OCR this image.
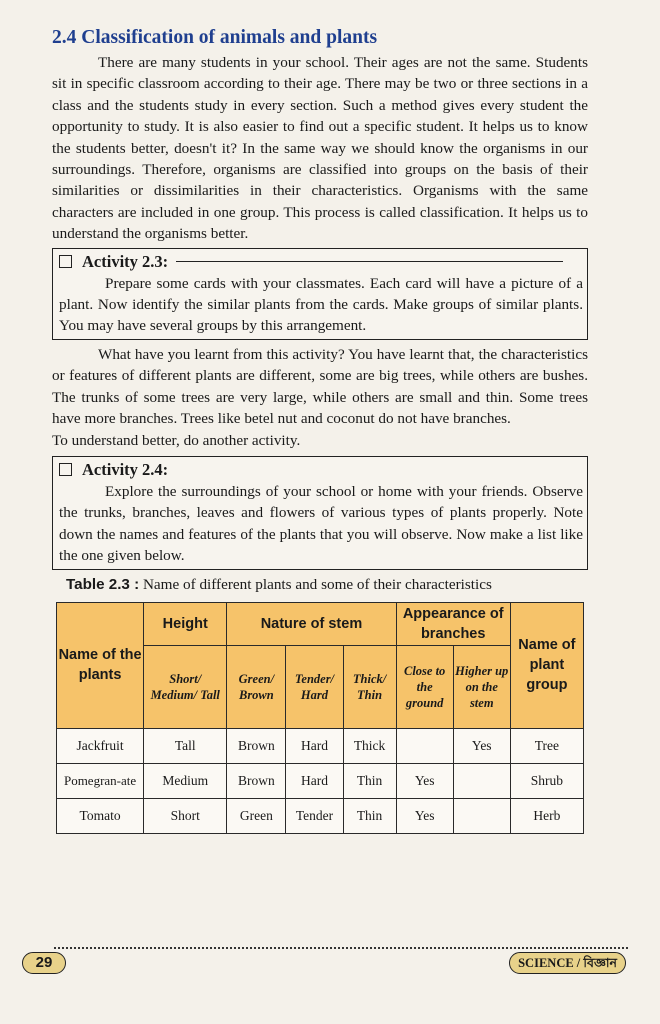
2.4 Classification of animals and plants

There are many students in your school. Their ages are not the same. Students sit in specific classroom according to their age. There may be two or three sections in a class and the students study in every section. Such a method gives every student the opportunity to study. It is also easier to find out a specific student. It helps us to know the students better, doesn't it? In the same way we should know the organisms in our surroundings. Therefore, organisms are classified into groups on the basis of their similarities or dissimilarities in their characteristics. Organisms with the same characters are included in one group. This process is called classification. It helps us to understand the organisms better.

Activity 2.3:
Prepare some cards with your classmates. Each card will have a picture of a plant. Now identify the similar plants from the cards. Make groups of similar plants. You may have several groups by this arrangement.

What have you learnt from this activity? You have learnt that, the characteristics or features of different plants are different, some are big trees, while others are bushes. The trunks of some trees are very large, while others are small and thin. Some trees have more branches. Trees like betel nut and coconut do not have branches.

To understand better, do another activity.

Activity 2.4:
Explore the surroundings of your school or home with your friends. Observe the trunks, branches, leaves and flowers of various types of plants properly. Note down the names and features of the plants that you will observe. Now make a list like the one given below.
Table 2.3 : Name of different plants and some of their characteristics
Name of the plants	Height	Nature of stem			Appearance of branches		Name of plant group
	Short/ Medium/ Tall	Green/ Brown	Tender/ Hard	Thick/ Thin	Close to the ground	Higher up on the stem	

Jackfruit	Tall	Brown	Hard	Thick		Yes	Tree
Pomegran-ate	Medium	Brown	Hard	Thin	Yes		Shrub
Tomato	Short	Green	Tender	Thin	Yes		Herb
29	SCIENCE / বিজ্ঞান
